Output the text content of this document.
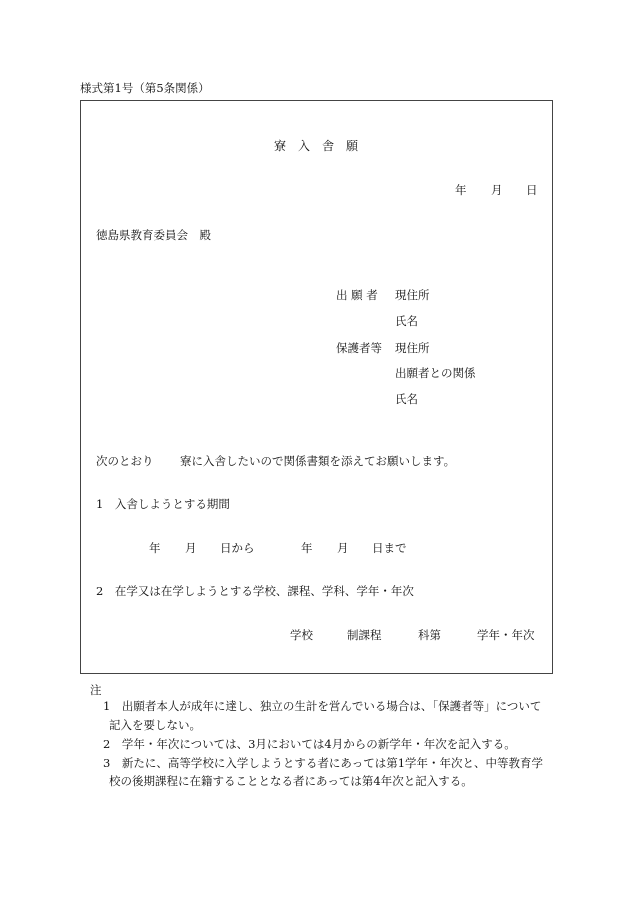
様式第1号（第5条関係）
寮　入　舎　願
年 月 日
徳島県教育委員会　殿
出 願 者 現住所
氏名
保護者等 現住所
出願者との関係
氏名
次のとおり 寮に入舎したいので関係書類を添えてお願いします。
1　入舎しようとする期間
年 月 日から	年 月 日まで
2　在学又は在学しようとする学校、課程、学科、学年・年次
学校	制課程	科第	学年・年次
注
1　出願者本人が成年に達し、独立の生計を営んでいる場合は、「保護者等」について
記入を要しない。
2　学年・年次については、3月においては4月からの新学年・年次を記入する。
3　新たに、高等学校に入学しようとする者にあっては第1学年・年次と、中等教育学
校の後期課程に在籍することとなる者にあっては第4年次と記入する。
